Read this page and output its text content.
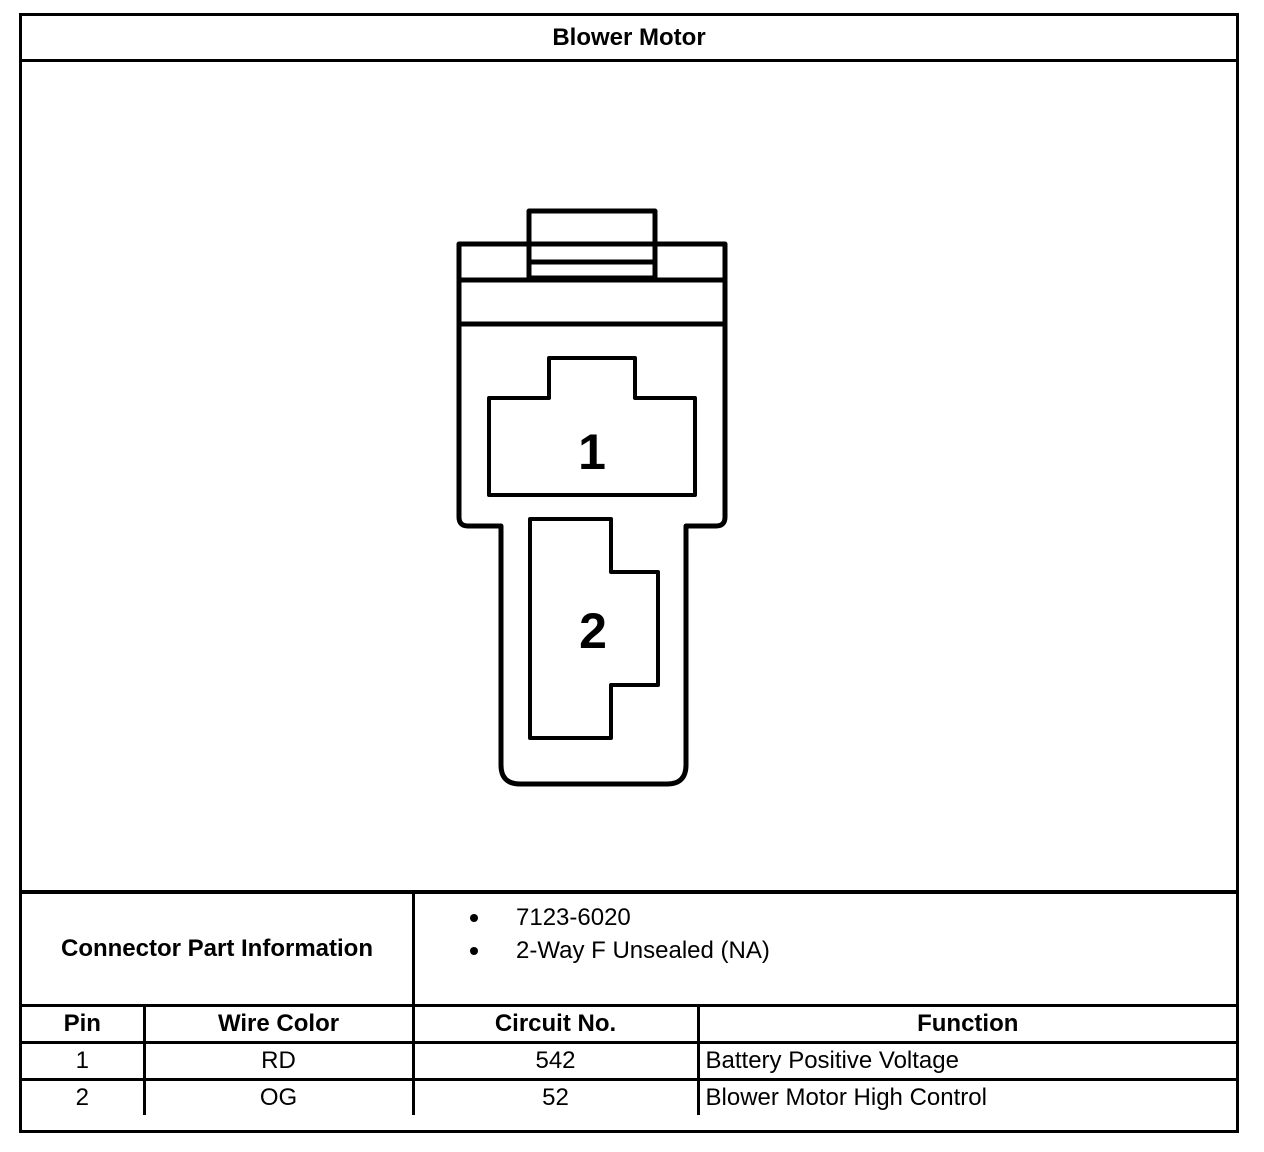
Blower Motor
1
2
Connector Part Information
7123-6020
2-Way F Unsealed (NA)
Pin	Wire Color	Circuit No.	Function
1	RD	542	Battery Positive Voltage
2	OG	52	Blower Motor High Control
